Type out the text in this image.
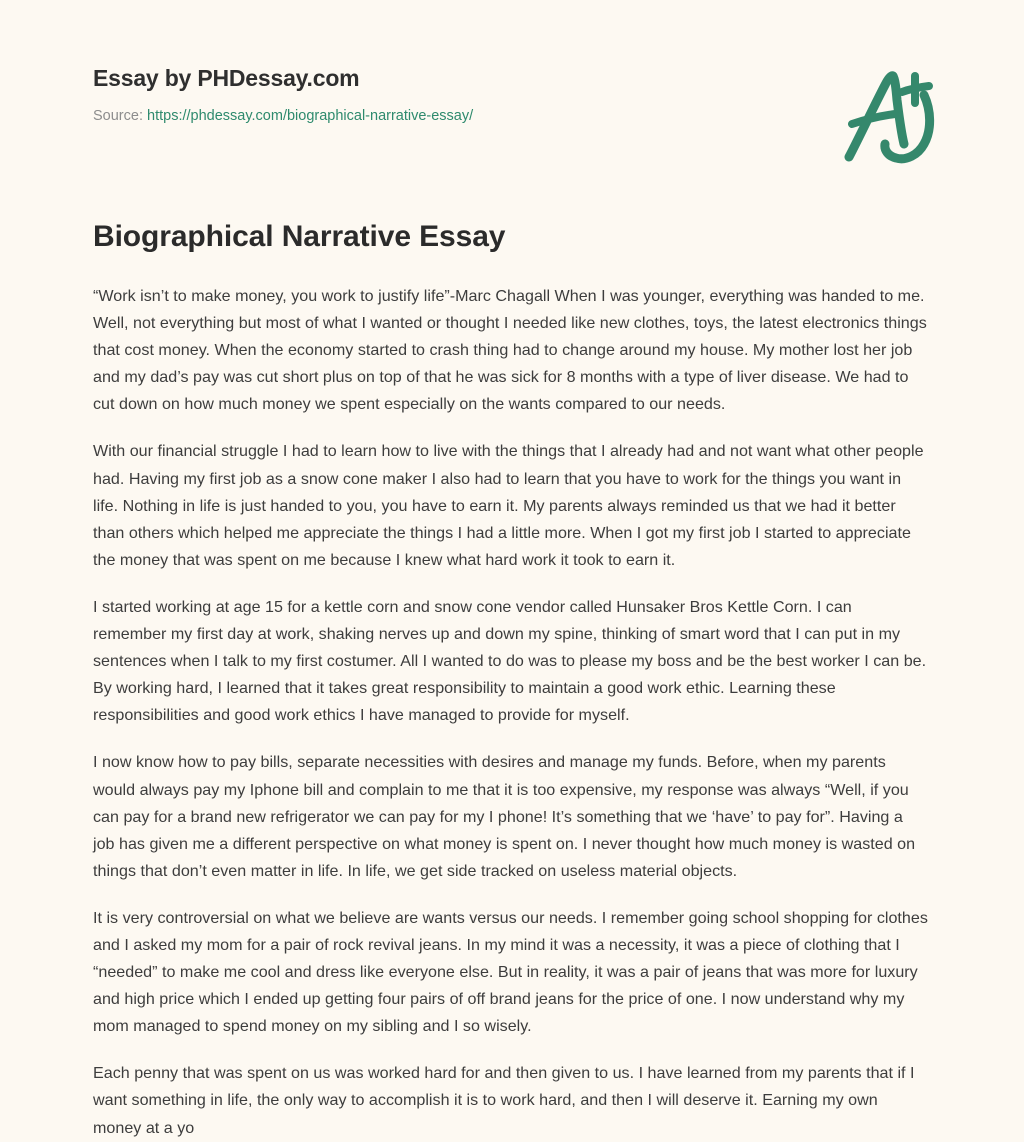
Essay by PHDessay.com
Source: https://phdessay.com/biographical-narrative-essay/
Biographical Narrative Essay

“Work isn’t to make money, you work to justify life”-Marc Chagall When I was younger, everything was handed to me. Well, not everything but most of what I wanted or thought I needed like new clothes, toys, the latest electronics things that cost money. When the economy started to crash thing had to change around my house. My mother lost her job and my dad’s pay was cut short plus on top of that he was sick for 8 months with a type of liver disease. We had to cut down on how much money we spent especially on the wants compared to our needs.

With our financial struggle I had to learn how to live with the things that I already had and not want what other people had. Having my first job as a snow cone maker I also had to learn that you have to work for the things you want in life. Nothing in life is just handed to you, you have to earn it. My parents always reminded us that we had it better than others which helped me appreciate the things I had a little more. When I got my first job I started to appreciate the money that was spent on me because I knew what hard work it took to earn it.

I started working at age 15 for a kettle corn and snow cone vendor called Hunsaker Bros Kettle Corn. I can remember my first day at work, shaking nerves up and down my spine, thinking of smart word that I can put in my sentences when I talk to my first costumer. All I wanted to do was to please my boss and be the best worker I can be. By working hard, I learned that it takes great responsibility to maintain a good work ethic. Learning these responsibilities and good work ethics I have managed to provide for myself.

I now know how to pay bills, separate necessities with desires and manage my funds. Before, when my parents would always pay my Iphone bill and complain to me that it is too expensive, my response was always “Well, if you can pay for a brand new refrigerator we can pay for my I phone! It’s something that we ‘have’ to pay for”. Having a job has given me a different perspective on what money is spent on. I never thought how much money is wasted on things that don’t even matter in life. In life, we get side tracked on useless material objects.

It is very controversial on what we believe are wants versus our needs. I remember going school shopping for clothes and I asked my mom for a pair of rock revival jeans. In my mind it was a necessity, it was a piece of clothing that I “needed” to make me cool and dress like everyone else. But in reality, it was a pair of jeans that was more for luxury and high price which I ended up getting four pairs of off brand jeans for the price of one. I now understand why my mom managed to spend money on my sibling and I so wisely.

Each penny that was spent on us was worked hard for and then given to us. I have learned from my parents that if I want something in life, the only way to accomplish it is to work hard, and then I will deserve it. Earning my own money at a yo
